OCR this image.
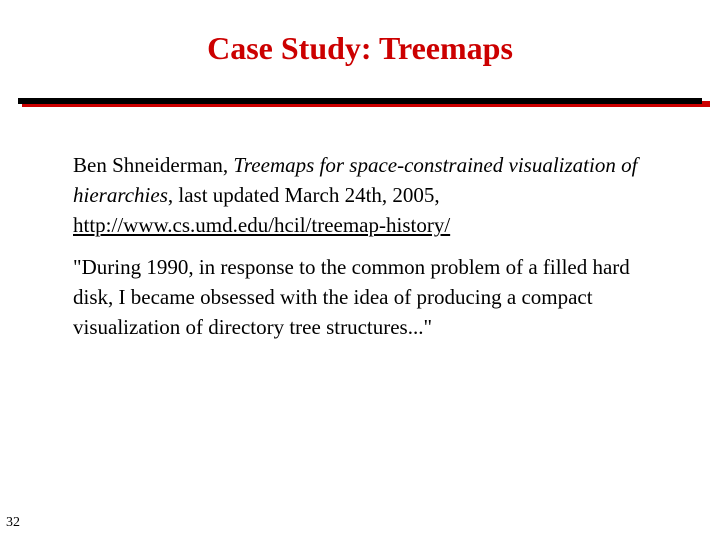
Case Study: Treemaps

Ben Shneiderman, Treemaps for space-constrained visualization of hierarchies, last updated March 24th, 2005, http://www.cs.umd.edu/hcil/treemap-history/

"During 1990, in response to the common problem of a filled hard disk, I became obsessed with the idea of producing a compact visualization of directory tree structures..."

32
